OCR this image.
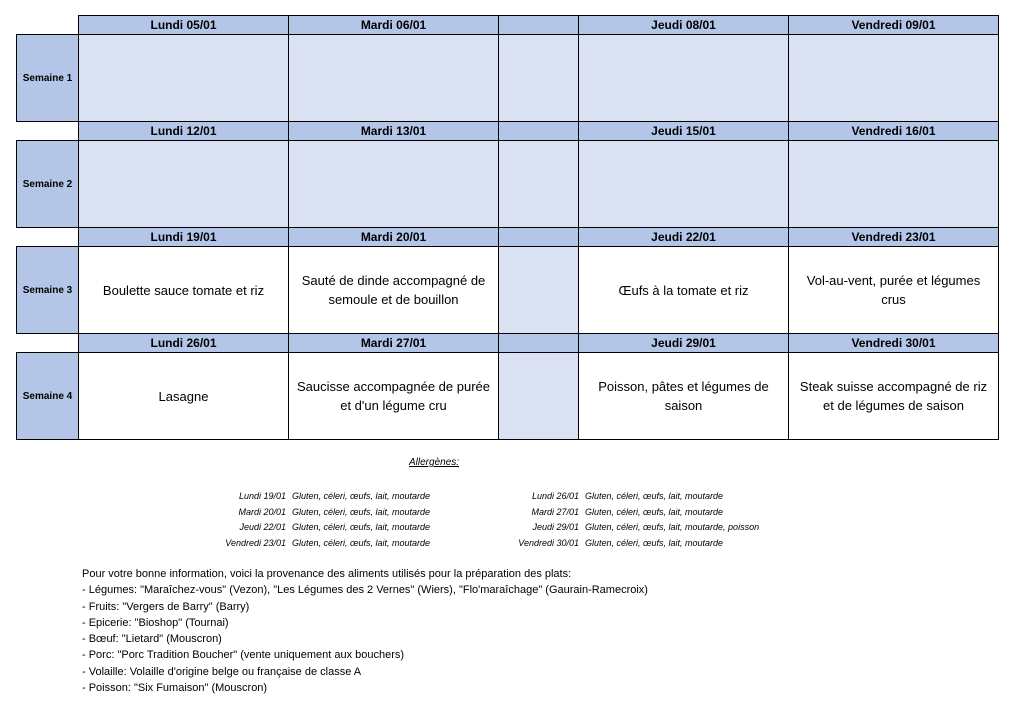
	Lundi 05/01	Mardi 06/01		Jeudi 08/01	Vendredi 09/01
Semaine 1					
	Lundi 12/01	Mardi 13/01		Jeudi 15/01	Vendredi 16/01
Semaine 2					
	Lundi 19/01	Mardi 20/01		Jeudi 22/01	Vendredi 23/01
Semaine 3	Boulette sauce tomate et riz	Sauté de dinde accompagné de semoule et de bouillon		Œufs à la tomate et riz	Vol-au-vent, purée et légumes crus
	Lundi 26/01	Mardi 27/01		Jeudi 29/01	Vendredi 30/01
Semaine 4	Lasagne	Saucisse accompagnée de purée et d'un légume cru		Poisson, pâtes et légumes de saison	Steak suisse accompagné de riz et de légumes de saison
Allergènes:
Lundi 19/01 Gluten, céleri, œufs, lait, moutarde
Mardi 20/01 Gluten, céleri, œufs, lait, moutarde
Jeudi 22/01 Gluten, céleri, œufs, lait, moutarde
Vendredi 23/01 Gluten, céleri, œufs, lait, moutarde
Lundi 26/01 Gluten, céleri, œufs, lait, moutarde
Mardi 27/01 Gluten, céleri, œufs, lait, moutarde
Jeudi 29/01 Gluten, céleri, œufs, lait, moutarde, poisson
Vendredi 30/01 Gluten, céleri, œufs, lait, moutarde
Pour votre bonne information, voici la provenance des aliments utilisés pour la préparation des plats:
- Légumes: "Maraîchez-vous" (Vezon), "Les Légumes des 2 Vernes" (Wiers), "Flo'maraîchage" (Gaurain-Ramecroix)
- Fruits: "Vergers de Barry" (Barry)
- Epicerie: "Bioshop" (Tournai)
- Bœuf: "Lietard" (Mouscron)
- Porc: "Porc Tradition Boucher" (vente uniquement aux bouchers)
- Volaille: Volaille d'origine belge ou française de classe A
- Poisson: "Six Fumaison" (Mouscron)
